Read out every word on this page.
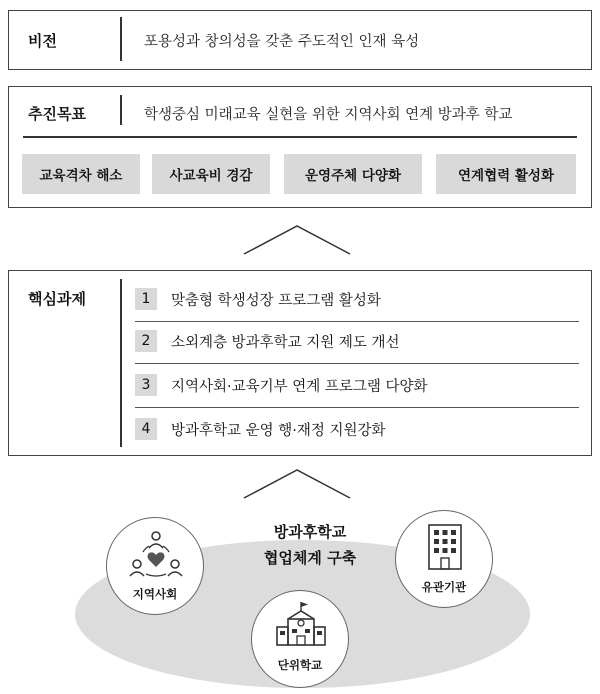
비전	포용성과 창의성을 갖춘 주도적인 인재 육성
추진목표	학생중심 미래교육 실현을 위한 지역사회 연계 방과후 학교
교육격차 해소	사교육비 경감	운영주체 다양화	연계협력 활성화
핵심과제	1	맞춤형 학생성장 프로그램 활성화
2	소외계층 방과후학교 지원 제도 개선
3	지역사회·교육기부 연계 프로그램 다양화
4	방과후학교 운영 행·재정 지원강화
방과후학교
협업체계 구축
지역사회	유관기관
단위학교
